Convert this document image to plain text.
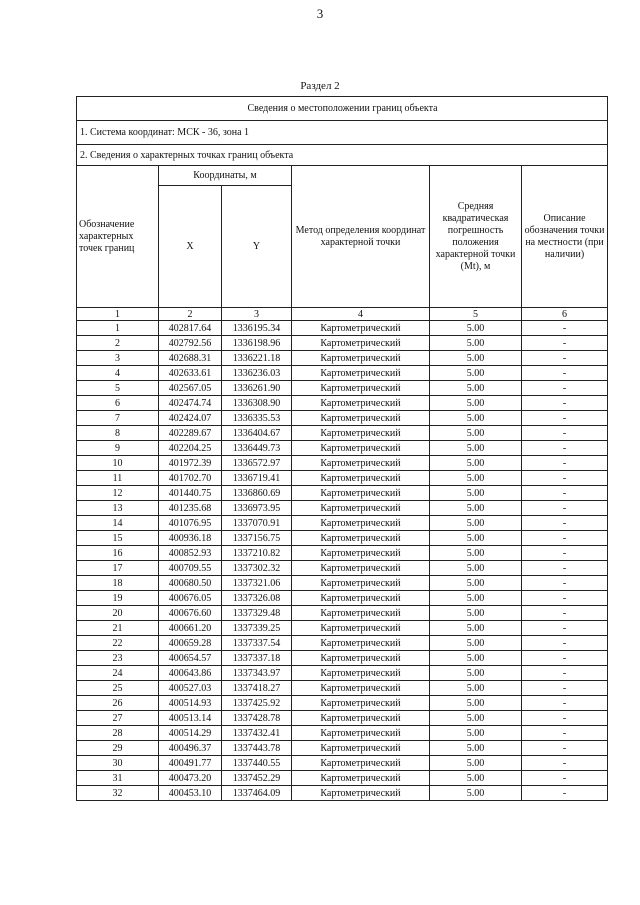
3
Раздел 2
Сведения о местоположении границ объекта					
1. Система координат: МСК - 36, зона 1					
2. Сведения о характерных точках границ объекта					
Обозначение характерных точек границ	Координаты, м		Метод определения координат характерной точки	Средняя квадратическая погрешность положения характерной точки (Mt), м	Описание обозначения точки на местности (при наличии)
	X	Y			
1	2	3	4	5	6
1	402817.64	1336195.34	Картометрический	5.00	-
2	402792.56	1336198.96	Картометрический	5.00	-
3	402688.31	1336221.18	Картометрический	5.00	-
4	402633.61	1336236.03	Картометрический	5.00	-
5	402567.05	1336261.90	Картометрический	5.00	-
6	402474.74	1336308.90	Картометрический	5.00	-
7	402424.07	1336335.53	Картометрический	5.00	-
8	402289.67	1336404.67	Картометрический	5.00	-
9	402204.25	1336449.73	Картометрический	5.00	-
10	401972.39	1336572.97	Картометрический	5.00	-
11	401702.70	1336719.41	Картометрический	5.00	-
12	401440.75	1336860.69	Картометрический	5.00	-
13	401235.68	1336973.95	Картометрический	5.00	-
14	401076.95	1337070.91	Картометрический	5.00	-
15	400936.18	1337156.75	Картометрический	5.00	-
16	400852.93	1337210.82	Картометрический	5.00	-
17	400709.55	1337302.32	Картометрический	5.00	-
18	400680.50	1337321.06	Картометрический	5.00	-
19	400676.05	1337326.08	Картометрический	5.00	-
20	400676.60	1337329.48	Картометрический	5.00	-
21	400661.20	1337339.25	Картометрический	5.00	-
22	400659.28	1337337.54	Картометрический	5.00	-
23	400654.57	1337337.18	Картометрический	5.00	-
24	400643.86	1337343.97	Картометрический	5.00	-
25	400527.03	1337418.27	Картометрический	5.00	-
26	400514.93	1337425.92	Картометрический	5.00	-
27	400513.14	1337428.78	Картометрический	5.00	-
28	400514.29	1337432.41	Картометрический	5.00	-
29	400496.37	1337443.78	Картометрический	5.00	-
30	400491.77	1337440.55	Картометрический	5.00	-
31	400473.20	1337452.29	Картометрический	5.00	-
32	400453.10	1337464.09	Картометрический	5.00	-
